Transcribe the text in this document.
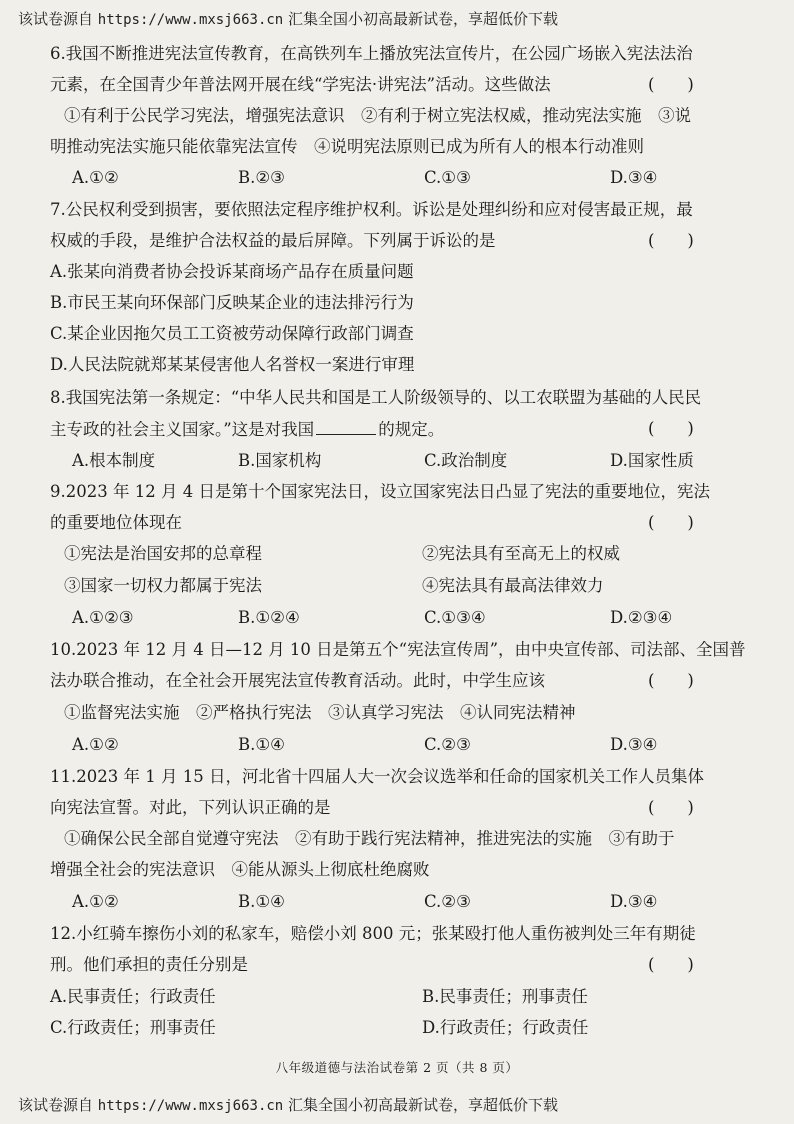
该试卷源自 https://www.mxsj663.cn 汇集全国小初高最新试卷，享超低价下载
6.我国不断推进宪法宣传教育，在高铁列车上播放宪法宣传片，在公园广场嵌入宪法法治
元素，在全国青少年普法网开展在线“学宪法·讲宪法”活动。这些做法	(　　)
①有利于公民学习宪法，增强宪法意识　②有利于树立宪法权威，推动宪法实施　③说
明推动宪法实施只能依靠宪法宣传　④说明宪法原则已成为所有人的根本行动准则
A.①②	B.②③	C.①③	D.③④
7.公民权利受到损害，要依照法定程序维护权利。诉讼是处理纠纷和应对侵害最正规，最
权威的手段，是维护合法权益的最后屏障。下列属于诉讼的是	(　　)
A.张某向消费者协会投诉某商场产品存在质量问题
B.市民王某向环保部门反映某企业的违法排污行为
C.某企业因拖欠员工工资被劳动保障行政部门调查
D.人民法院就郑某某侵害他人名誉权一案进行审理
8.我国宪法第一条规定：“中华人民共和国是工人阶级领导的、以工农联盟为基础的人民民
主专政的社会主义国家。”这是对我国	的规定。	(　　)
A.根本制度	B.国家机构	C.政治制度	D.国家性质
9.2023 年 12 月 4 日是第十个国家宪法日，设立国家宪法日凸显了宪法的重要地位，宪法
的重要地位体现在	(　　)
①宪法是治国安邦的总章程	②宪法具有至高无上的权威
③国家一切权力都属于宪法	④宪法具有最高法律效力
A.①②③	B.①②④	C.①③④	D.②③④
10.2023 年 12 月 4 日—12 月 10 日是第五个“宪法宣传周”，由中央宣传部、司法部、全国普
法办联合推动，在全社会开展宪法宣传教育活动。此时，中学生应该	(　　)
①监督宪法实施　②严格执行宪法　③认真学习宪法　④认同宪法精神
A.①②	B.①④	C.②③	D.③④
11.2023 年 1 月 15 日，河北省十四届人大一次会议选举和任命的国家机关工作人员集体
向宪法宣誓。对此，下列认识正确的是	(　　)
①确保公民全部自觉遵守宪法　②有助于践行宪法精神，推进宪法的实施　③有助于
增强全社会的宪法意识　④能从源头上彻底杜绝腐败
A.①②	B.①④	C.②③	D.③④
12.小红骑车擦伤小刘的私家车，赔偿小刘 800 元；张某殴打他人重伤被判处三年有期徒
刑。他们承担的责任分别是	(　　)
A.民事责任；行政责任	B.民事责任；刑事责任
C.行政责任；刑事责任	D.行政责任；行政责任
八年级道德与法治试卷第 2 页（共 8 页）
该试卷源自 https://www.mxsj663.cn 汇集全国小初高最新试卷，享超低价下载
